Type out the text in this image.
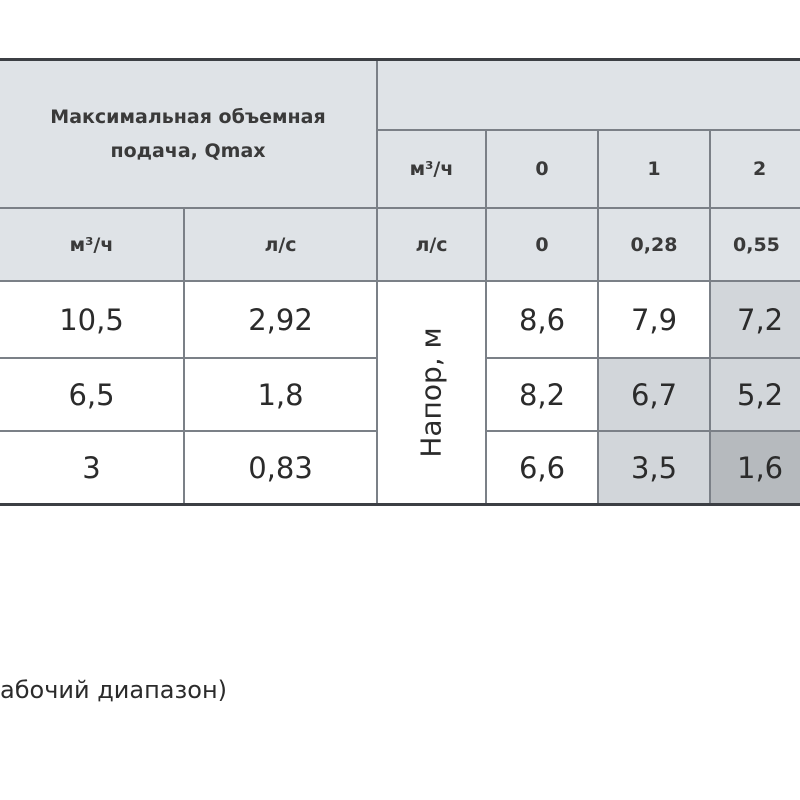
Максимальная объемная подача, Qmax
м³/ч	0	1	2
м³/ч	л/с	л/с	0	0,28	0,55
10,5	2,92	8,6 7,9 7,2
6,5	1,8	8,2 6,7 5,2
3	0,83	6,6 3,5 1,6
Напор, м
абочий диапазон)
